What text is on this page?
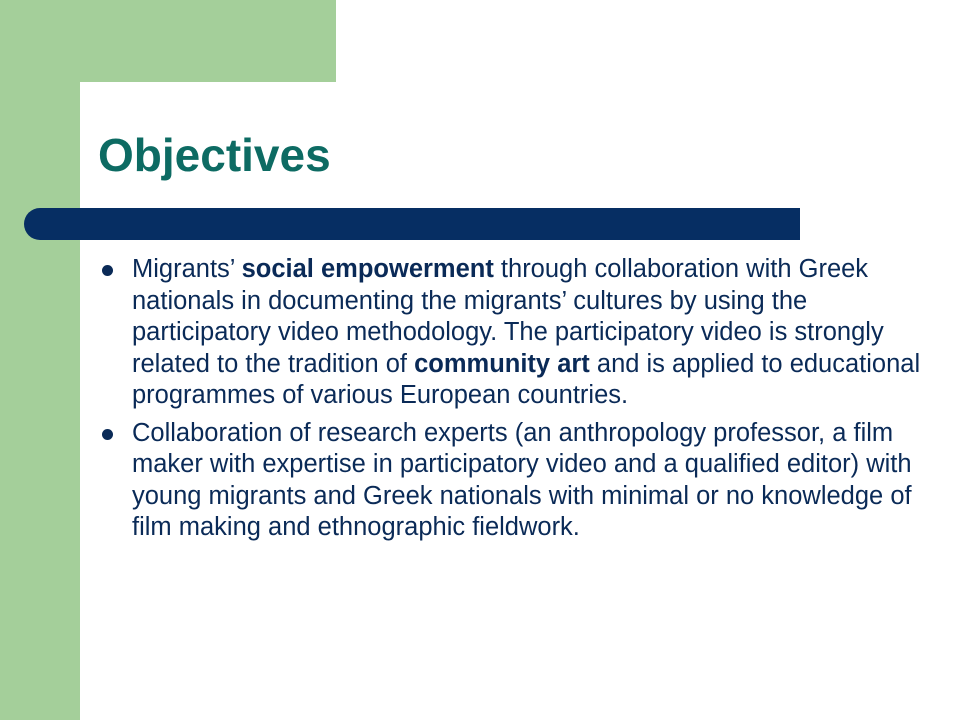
Objectives
Migrants’ social empowerment through collaboration with Greek nationals in documenting the migrants’ cultures by using the participatory video methodology. The participatory video is strongly related to the tradition of community art and is applied to educational programmes of various European countries.
Collaboration of research experts (an anthropology professor, a film maker with expertise in participatory video and a qualified editor) with young migrants and Greek nationals with minimal or no knowledge of film making and ethnographic fieldwork.
